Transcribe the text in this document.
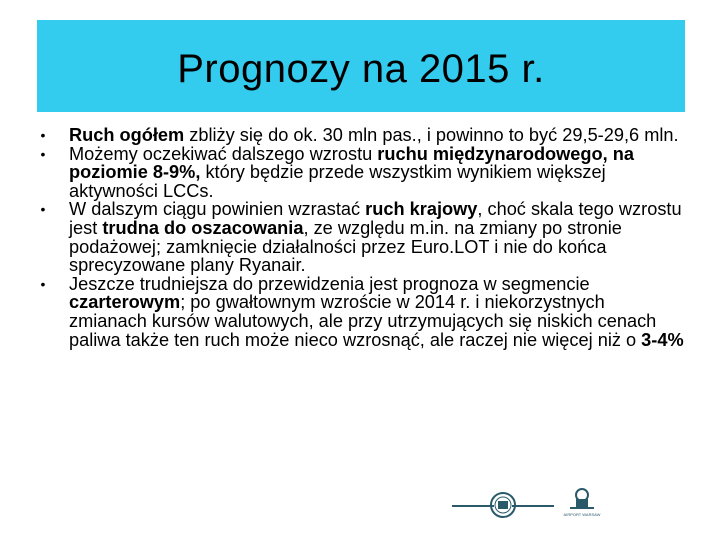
Prognozy na 2015 r.
• Ruch ogółem zbliży się do ok. 30 mln pas., i powinno to być 29,5-29,6 mln.
• Możemy oczekiwać dalszego wzrostu ruchu międzynarodowego, na poziomie 8-9%, który będzie przede wszystkim wynikiem większej aktywności LCCs.
• W dalszym ciągu powinien wzrastać ruch krajowy, choć skala tego wzrostu jest trudna do oszacowania, ze względu m.in. na zmiany po stronie podażowej; zamknięcie działalności przez Euro.LOT i nie do końca sprecyzowane plany Ryanair.
• Jeszcze trudniejsza do przewidzenia jest prognoza w segmencie czarterowym; po gwałtownym wzroście w 2014 r. i niekorzystnych zmianach kursów walutowych, ale przy utrzymujących się niskich cenach paliwa także ten ruch może nieco wzrosnąć, ale raczej nie więcej niż o 3-4%
AIRPORT WARSAW
